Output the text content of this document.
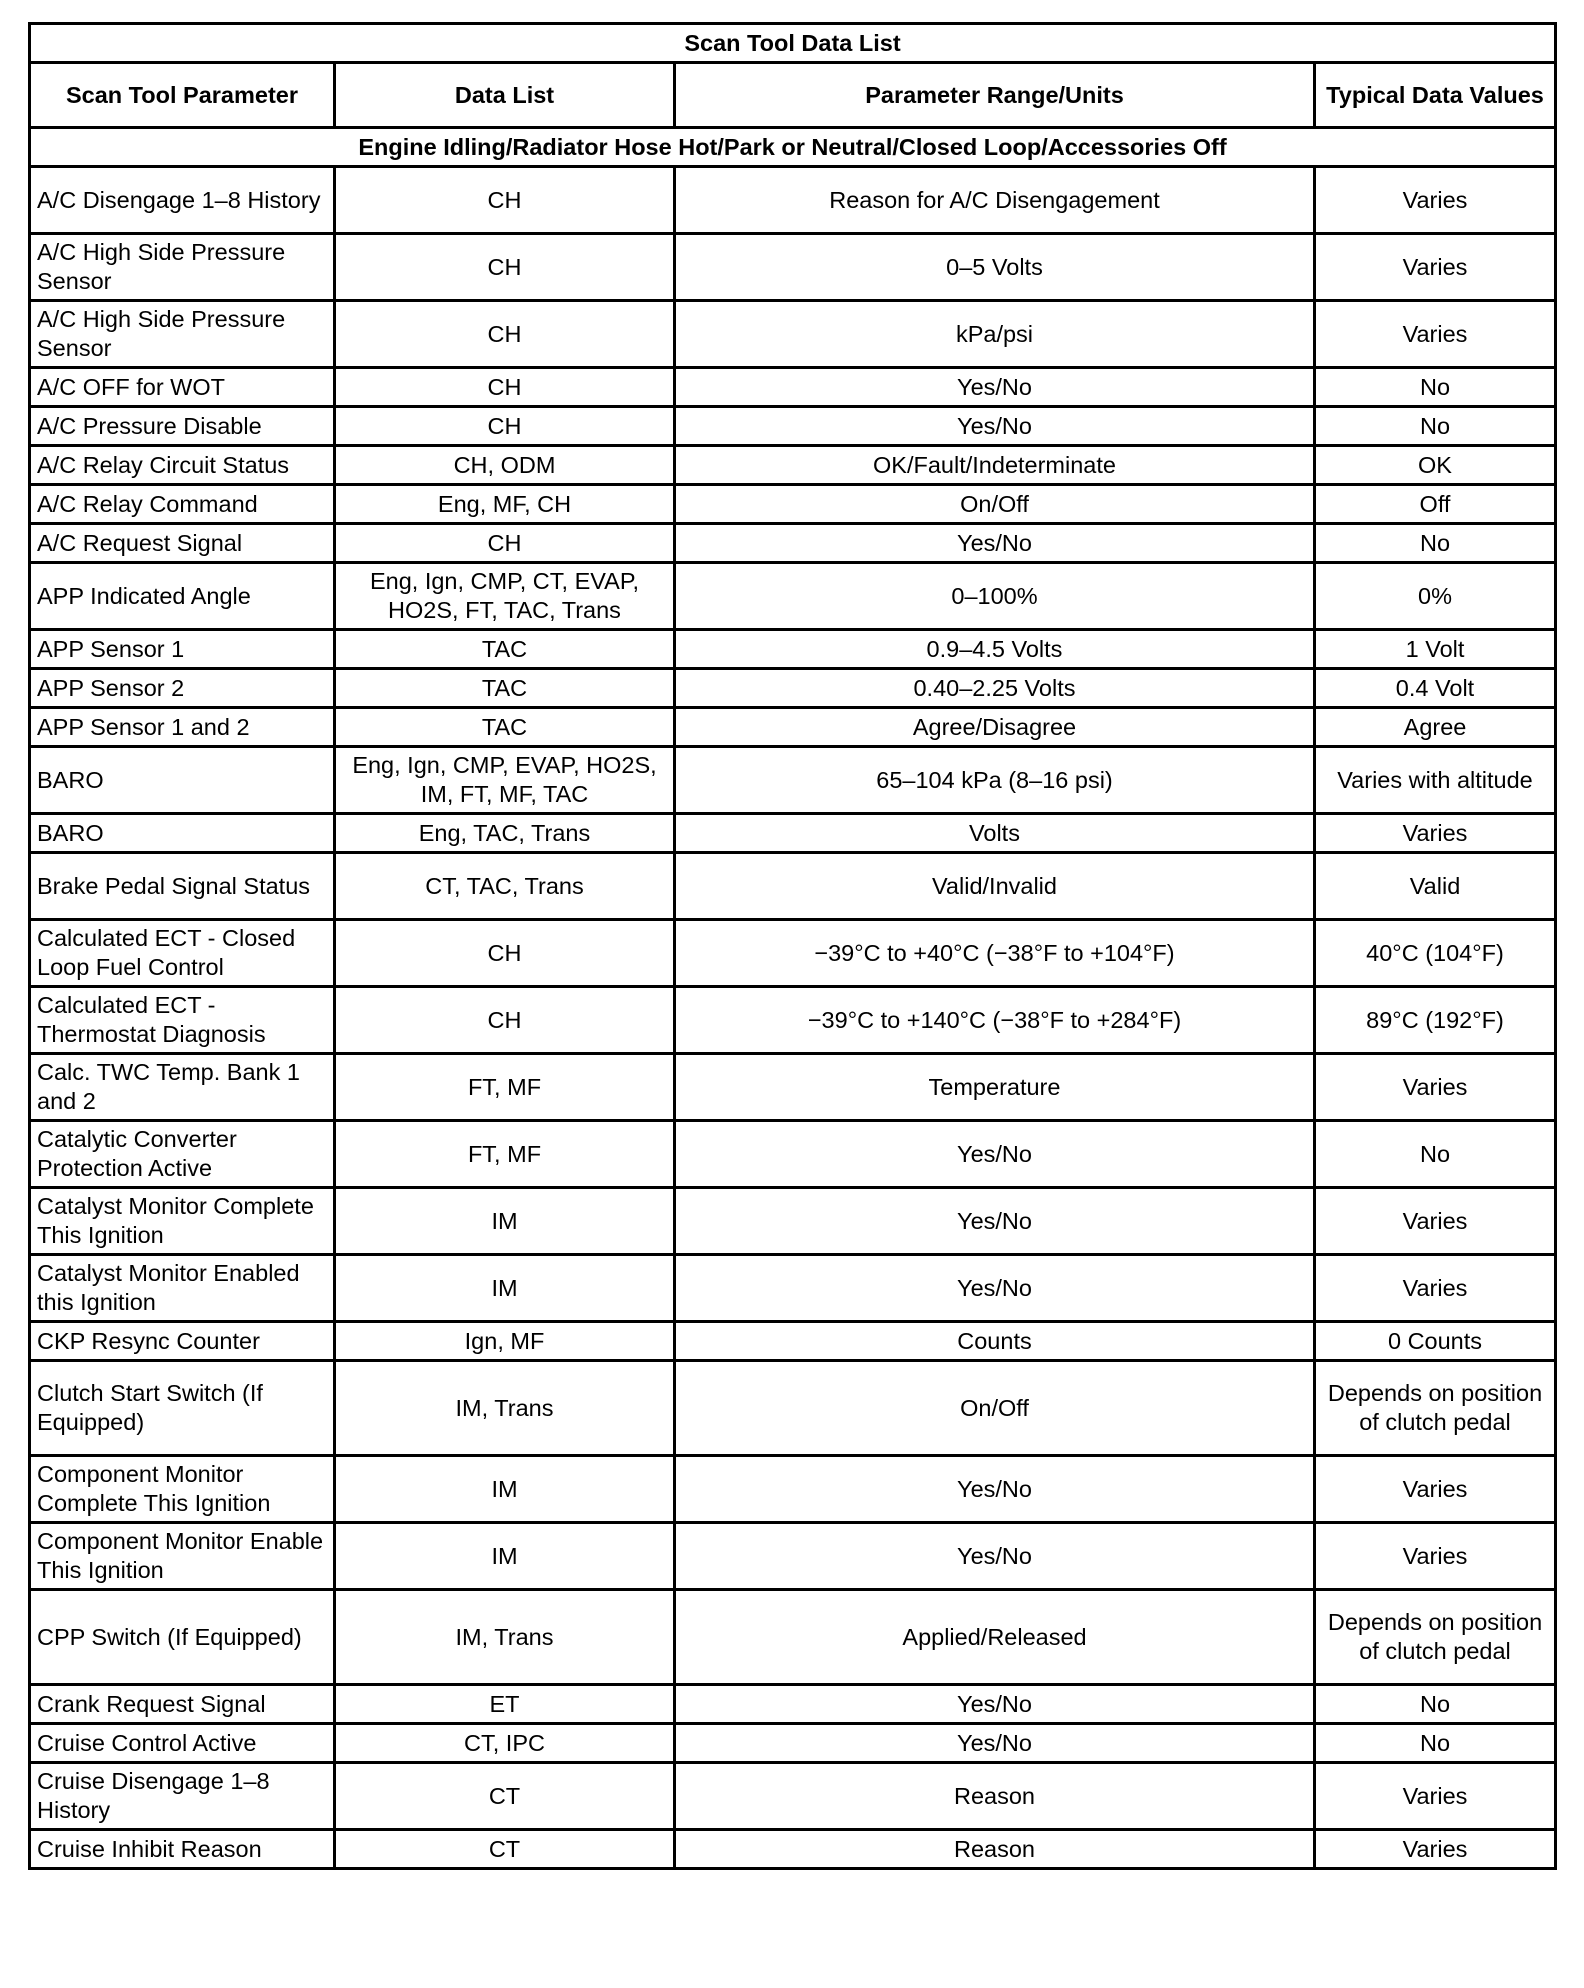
Scan Tool Data List			
Scan Tool Parameter	Data List	Parameter Range/Units	Typical Data Values
Engine Idling/Radiator Hose Hot/Park or Neutral/Closed Loop/Accessories Off			
A/C Disengage 1–8 History	CH	Reason for A/C Disengagement	Varies
A/C High Side Pressure Sensor	CH	0–5 Volts	Varies
A/C High Side Pressure Sensor	CH	kPa/psi	Varies
A/C OFF for WOT	CH	Yes/No	No
A/C Pressure Disable	CH	Yes/No	No
A/C Relay Circuit Status	CH, ODM	OK/Fault/Indeterminate	OK
A/C Relay Command	Eng, MF, CH	On/Off	Off
A/C Request Signal	CH	Yes/No	No
APP Indicated Angle	Eng, Ign, CMP, CT, EVAP, HO2S, FT, TAC, Trans	0–100%	0%
APP Sensor 1	TAC	0.9–4.5 Volts	1 Volt
APP Sensor 2	TAC	0.40–2.25 Volts	0.4 Volt
APP Sensor 1 and 2	TAC	Agree/Disagree	Agree
BARO	Eng, Ign, CMP, EVAP, HO2S, IM, FT, MF, TAC	65–104 kPa (8–16 psi)	Varies with altitude
BARO	Eng, TAC, Trans	Volts	Varies
Brake Pedal Signal Status	CT, TAC, Trans	Valid/Invalid	Valid
Calculated ECT - Closed Loop Fuel Control	CH	−39°C to +40°C (−38°F to +104°F)	40°C (104°F)
Calculated ECT - Thermostat Diagnosis	CH	−39°C to +140°C (−38°F to +284°F)	89°C (192°F)
Calc. TWC Temp. Bank 1 and 2	FT, MF	Temperature	Varies
Catalytic Converter Protection Active	FT, MF	Yes/No	No
Catalyst Monitor Complete This Ignition	IM	Yes/No	Varies
Catalyst Monitor Enabled this Ignition	IM	Yes/No	Varies
CKP Resync Counter	Ign, MF	Counts	0 Counts
Clutch Start Switch (If Equipped)	IM, Trans	On/Off	Depends on position of clutch pedal
Component Monitor Complete This Ignition	IM	Yes/No	Varies
Component Monitor Enable This Ignition	IM	Yes/No	Varies
CPP Switch (If Equipped)	IM, Trans	Applied/Released	Depends on position of clutch pedal
Crank Request Signal	ET	Yes/No	No
Cruise Control Active	CT, IPC	Yes/No	No
Cruise Disengage 1–8 History	CT	Reason	Varies
Cruise Inhibit Reason	CT	Reason	Varies
